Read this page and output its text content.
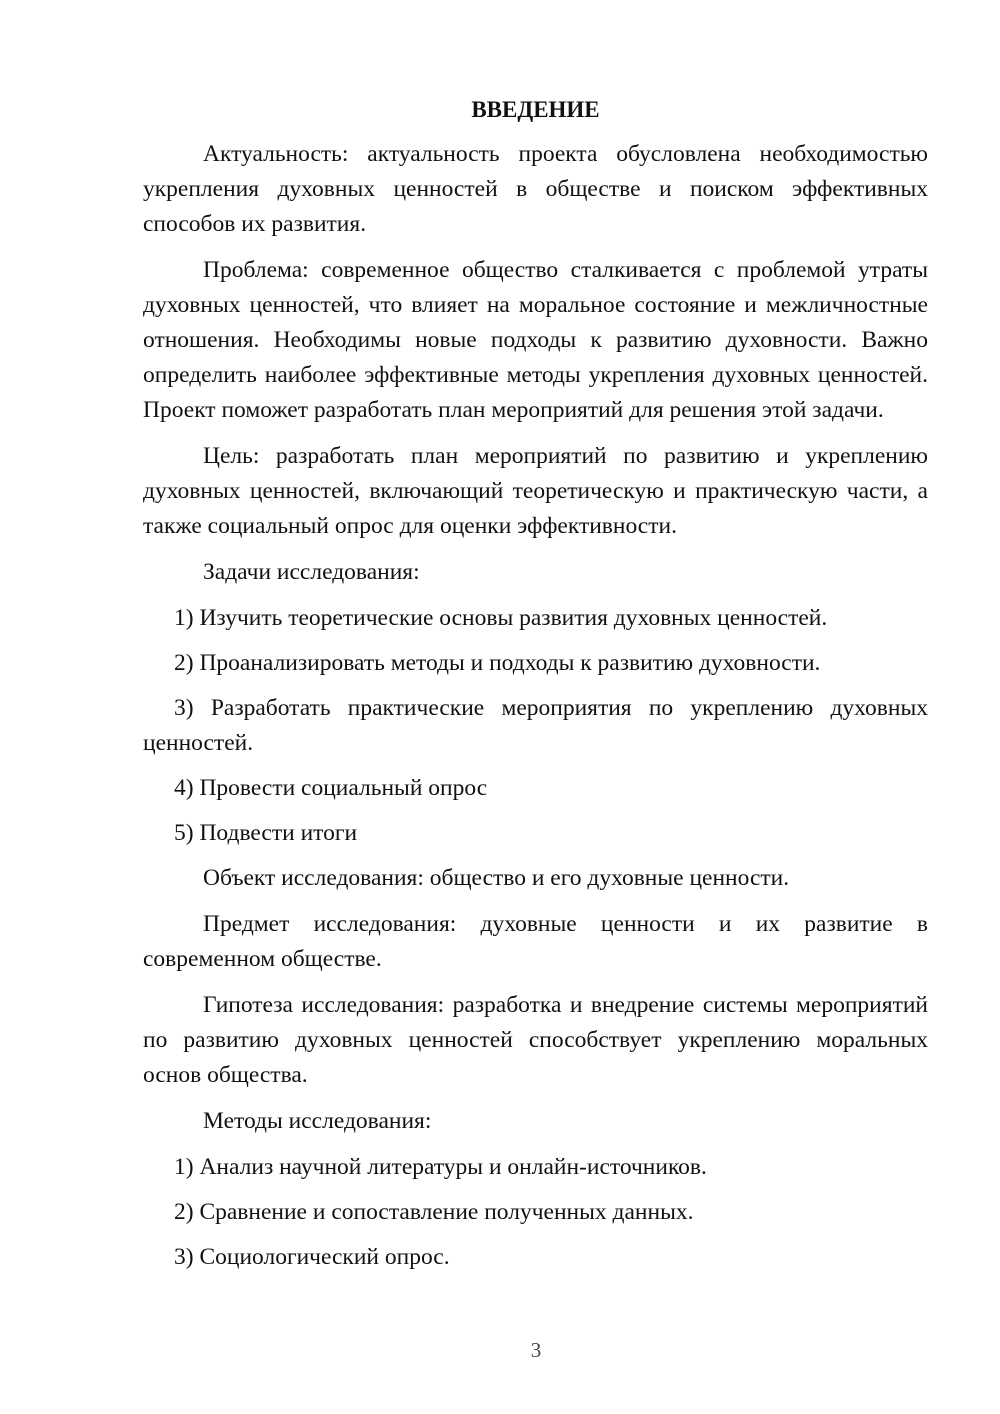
ВВЕДЕНИЕ

Актуальность: актуальность проекта обусловлена необходимостью укрепления духовных ценностей в обществе и поиском эффективных способов их развития.

Проблема: современное общество сталкивается с проблемой утраты духовных ценностей, что влияет на моральное состояние и межличностные отношения. Необходимы новые подходы к развитию духовности. Важно определить наиболее эффективные методы укрепления духовных ценностей. Проект поможет разработать план мероприятий для решения этой задачи.

Цель: разработать план мероприятий по развитию и укреплению духовных ценностей, включающий теоретическую и практическую части, а также социальный опрос для оценки эффективности.

Задачи исследования:

1) Изучить теоретические основы развития духовных ценностей.

2) Проанализировать методы и подходы к развитию духовности.

3) Разработать практические мероприятия по укреплению духовных ценностей.

4) Провести социальный опрос

5) Подвести итоги

Объект исследования: общество и его духовные ценности.

Предмет исследования: духовные ценности и их развитие в современном обществе.

Гипотеза исследования: разработка и внедрение системы мероприятий по развитию духовных ценностей способствует укреплению моральных основ общества.

Методы исследования:

1) Анализ научной литературы и онлайн-источников.

2) Сравнение и сопоставление полученных данных.

3) Социологический опрос.

3
